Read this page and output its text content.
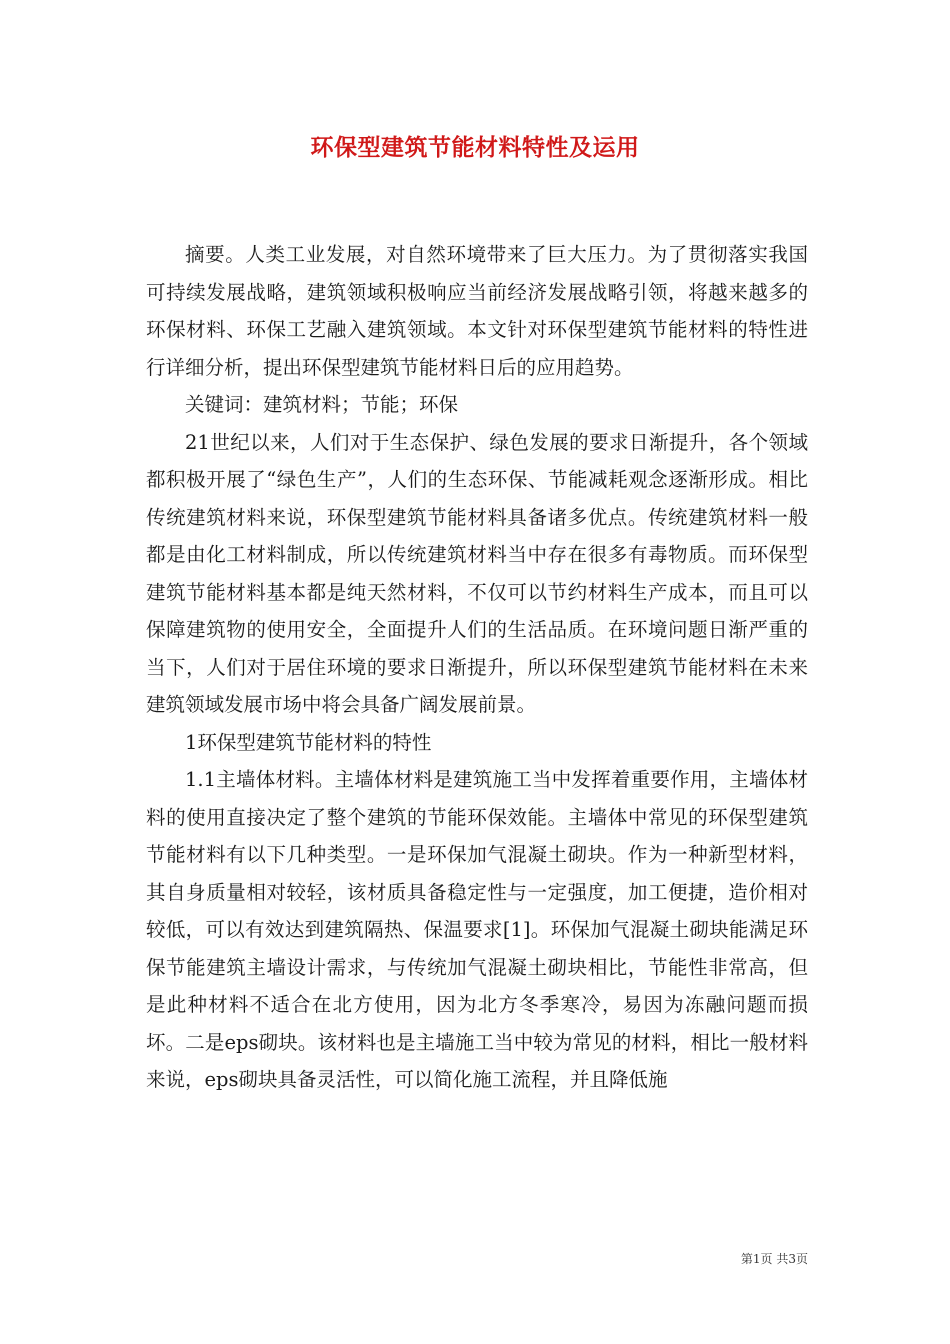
环保型建筑节能材料特性及运用

摘要。人类工业发展，对自然环境带来了巨大压力。为了贯彻落实我国可持续发展战略，建筑领域积极响应当前经济发展战略引领，将越来越多的环保材料、环保工艺融入建筑领域。本文针对环保型建筑节能材料的特性进行详细分析，提出环保型建筑节能材料日后的应用趋势。

关键词：建筑材料；节能；环保

21世纪以来，人们对于生态保护、绿色发展的要求日渐提升，各个领域都积极开展了“绿色生产”，人们的生态环保、节能减耗观念逐渐形成。相比传统建筑材料来说，环保型建筑节能材料具备诸多优点。传统建筑材料一般都是由化工材料制成，所以传统建筑材料当中存在很多有毒物质。而环保型建筑节能材料基本都是纯天然材料，不仅可以节约材料生产成本，而且可以保障建筑物的使用安全，全面提升人们的生活品质。在环境问题日渐严重的当下，人们对于居住环境的要求日渐提升，所以环保型建筑节能材料在未来建筑领域发展市场中将会具备广阔发展前景。

1环保型建筑节能材料的特性

1.1主墙体材料。主墙体材料是建筑施工当中发挥着重要作用，主墙体材料的使用直接决定了整个建筑的节能环保效能。主墙体中常见的环保型建筑节能材料有以下几种类型。一是环保加气混凝土砌块。作为一种新型材料，其自身质量相对较轻，该材质具备稳定性与一定强度，加工便捷，造价相对较低，可以有效达到建筑隔热、保温要求[1]。环保加气混凝土砌块能满足环保节能建筑主墙设计需求，与传统加气混凝土砌块相比，节能性非常高，但是此种材料不适合在北方使用，因为北方冬季寒冷，易因为冻融问题而损坏。二是eps砌块。该材料也是主墙施工当中较为常见的材料，相比一般材料来说，eps砌块具备灵活性，可以简化施工流程，并且降低施

第1页 共3页
